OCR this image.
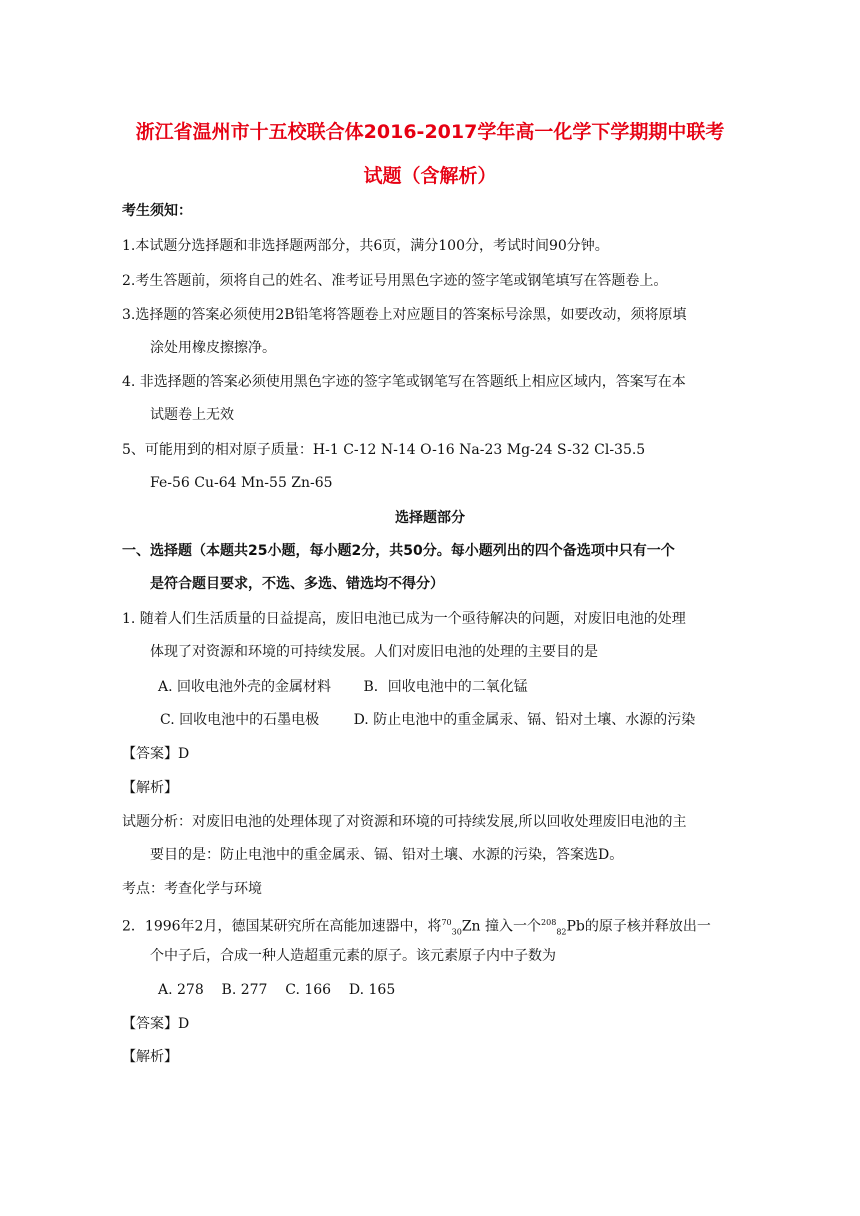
浙江省温州市十五校联合体2016-2017学年高一化学下学期期中联考
试题（含解析）
考生须知：
1.本试题分选择题和非选择题两部分，共6页，满分100分，考试时间90分钟。
2.考生答题前，须将自己的姓名、准考证号用黑色字迹的签字笔或钢笔填写在答题卷上。
3.选择题的答案必须使用2B铅笔将答题卷上对应题目的答案标号涂黑，如要改动，须将原填
涂处用橡皮擦擦净。
4. 非选择题的答案必须使用黑色字迹的签字笔或钢笔写在答题纸上相应区域内，答案写在本
试题卷上无效
5、可能用到的相对原子质量：H-1 C-12 N-14 O-16 Na-23 Mg-24 S-32 Cl-35.5
Fe-56 Cu-64 Mn-55 Zn-65
选择题部分
一、选择题（本题共25小题，每小题2分，共50分。每小题列出的四个备选项中只有一个
是符合题目要求，不选、多选、错选均不得分）
1. 随着人们生活质量的日益提高，废旧电池已成为一个亟待解决的问题，对废旧电池的处理
体现了对资源和环境的可持续发展。人们对废旧电池的处理的主要目的是
A. 回收电池外壳的金属材料 B．回收电池中的二氧化锰
C. 回收电池中的石墨电极 D. 防止电池中的重金属汞、镉、铅对土壤、水源的污染
【答案】D
【解析】
试题分析：对废旧电池的处理体现了对资源和环境的可持续发展,所以回收处理废旧电池的主
要目的是：防止电池中的重金属汞、镉、铅对土壤、水源的污染，答案选D。
考点：考查化学与环境
2．1996年2月，德国某研究所在高能加速器中，将$^{70}_{30}$Zn 撞入一个$^{208}_{82}$Pb的原子核并释放出一
个中子后，合成一种人造超重元素的原子。该元素原子内中子数为
A. 278    B. 277    C. 166    D. 165
【答案】D
【解析】
